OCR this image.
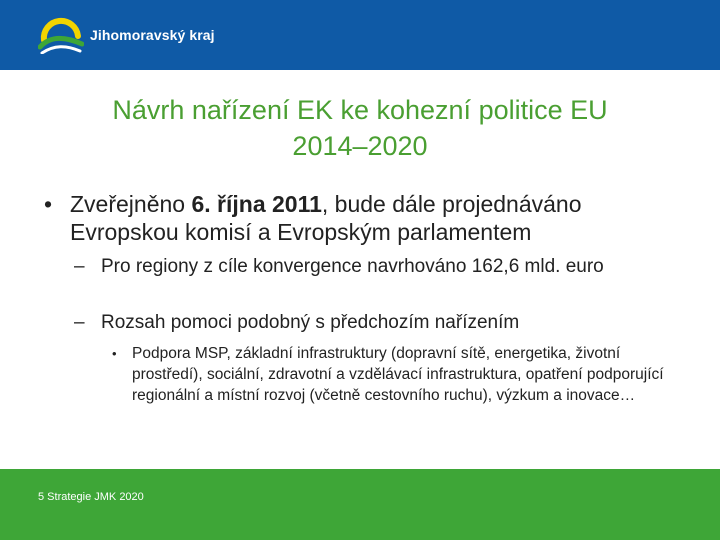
Jihomoravský kraj
Návrh nařízení EK ke kohezní politice EU
2014–2020
• Zveřejněno 6. října 2011, bude dále projednáváno Evropskou komisí a Evropským parlamentem
– Pro regiony z cíle konvergence navrhováno 162,6 mld. euro
– Rozsah pomoci podobný s předchozím nařízením
• Podpora MSP, základní infrastruktury (dopravní sítě, energetika, životní prostředí), sociální, zdravotní a vzdělávací infrastruktura, opatření podporující regionální a místní rozvoj (včetně cestovního ruchu), výzkum a inovace…
5 Strategie JMK 2020
